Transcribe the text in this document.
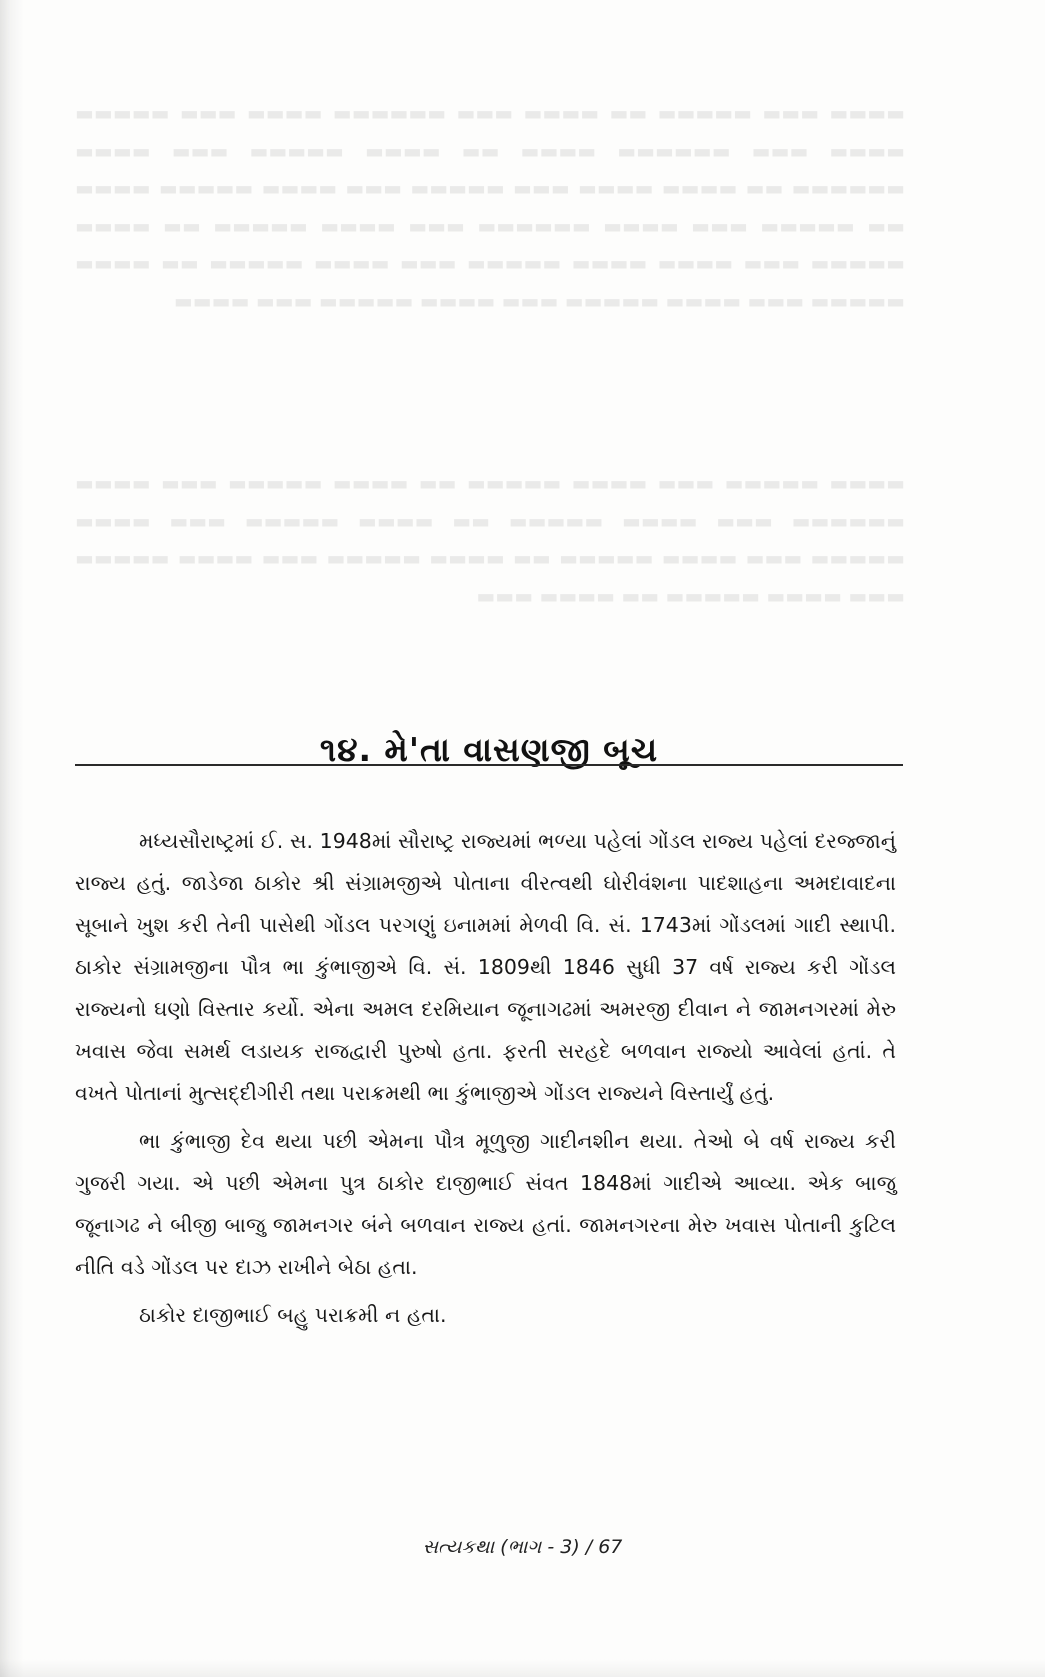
▬▬▬▬ ▬▬▬ ▬▬▬▬▬ ▬▬ ▬▬▬▬ ▬▬▬ ▬▬▬▬▬▬ ▬▬▬▬ ▬▬▬ ▬▬▬▬▬ ▬▬▬▬ ▬▬▬ ▬▬▬▬▬▬ ▬▬▬▬ ▬▬ ▬▬▬▬ ▬▬▬▬▬ ▬▬▬ ▬▬▬▬ ▬▬▬▬▬▬ ▬▬ ▬▬▬▬ ▬▬▬▬ ▬▬▬ ▬▬▬▬▬ ▬▬▬ ▬▬▬▬ ▬▬▬▬▬ ▬▬▬▬ ▬▬ ▬▬▬▬▬ ▬▬▬ ▬▬▬▬ ▬▬▬▬▬▬ ▬▬▬ ▬▬▬▬ ▬▬▬▬▬ ▬▬ ▬▬▬▬ ▬▬▬▬▬ ▬▬▬ ▬▬▬▬ ▬▬▬▬ ▬▬▬▬▬ ▬▬▬ ▬▬▬▬ ▬▬▬▬▬ ▬▬ ▬▬▬▬ ▬▬▬▬▬ ▬▬▬ ▬▬▬▬ ▬▬▬▬▬ ▬▬▬ ▬▬▬▬ ▬▬▬▬▬ ▬▬▬ ▬▬▬▬
▬▬▬▬ ▬▬▬▬▬ ▬▬▬ ▬▬▬▬ ▬▬▬▬▬ ▬▬ ▬▬▬▬ ▬▬▬▬▬ ▬▬▬ ▬▬▬▬ ▬▬▬▬▬▬ ▬▬▬ ▬▬▬▬ ▬▬▬▬▬ ▬▬ ▬▬▬▬ ▬▬▬▬▬ ▬▬▬ ▬▬▬▬ ▬▬▬▬▬ ▬▬▬ ▬▬▬▬ ▬▬▬▬▬ ▬▬ ▬▬▬▬ ▬▬▬▬▬ ▬▬▬ ▬▬▬▬ ▬▬▬▬▬ ▬▬▬ ▬▬▬▬ ▬▬▬▬▬ ▬▬ ▬▬▬▬ ▬▬▬
૧૪. મે'તા વાસણજી બૂચ

મધ્યસૌરાષ્ટ્રમાં ઈ. સ. 1948માં સૌરાષ્ટ્ર રાજ્યમાં ભળ્યા પહેલાં ગોંડલ રાજ્ય પહેલાં દરજ્જાનું રાજ્ય હતું. જાડેજા ઠાકોર શ્રી સંગ્રામજીએ પોતાના વીરત્વથી ઘોરીવંશના પાદશાહના અમદાવાદના સૂબાને ખુશ કરી તેની પાસેથી ગોંડલ પરગણું ઇનામમાં મેળવી વિ. સં. 1743માં ગોંડલમાં ગાદી સ્થાપી. ઠાકોર સંગ્રામજીના પૌત્ર ભા કુંભાજીએ વિ. સં. 1809થી 1846 સુધી 37 વર્ષ રાજ્ય કરી ગોંડલ રાજ્યનો ઘણો વિસ્તાર કર્યો. એના અમલ દરમિયાન જૂનાગઢમાં અમરજી દીવાન ને જામનગરમાં મેરુ ખવાસ જેવા સમર્થ લડાયક રાજદ્વારી પુરુષો હતા. ફરતી સરહદે બળવાન રાજ્યો આવેલાં હતાં. તે વખતે પોતાનાં મુત્સદ્દીગીરી તથા પરાક્રમથી ભા કુંભાજીએ ગોંડલ રાજ્યને વિસ્તાર્યું હતું.

ભા કુંભાજી દેવ થયા પછી એમના પૌત્ર મૂળુજી ગાદીનશીન થયા. તેઓ બે વર્ષ રાજ્ય કરી ગુજરી ગયા. એ પછી એમના પુત્ર ઠાકોર દાજીભાઈ સંવત 1848માં ગાદીએ આવ્યા. એક બાજુ જૂનાગઢ ને બીજી બાજુ જામનગર બંને બળવાન રાજ્ય હતાં. જામનગરના મેરુ ખવાસ પોતાની કુટિલ નીતિ વડે ગોંડલ પર દાઝ રાખીને બેઠા હતા.

ઠાકોર દાજીભાઈ બહુ પરાક્રમી ન હતા.

સત્યકથા (ભાગ - 3) / 67
